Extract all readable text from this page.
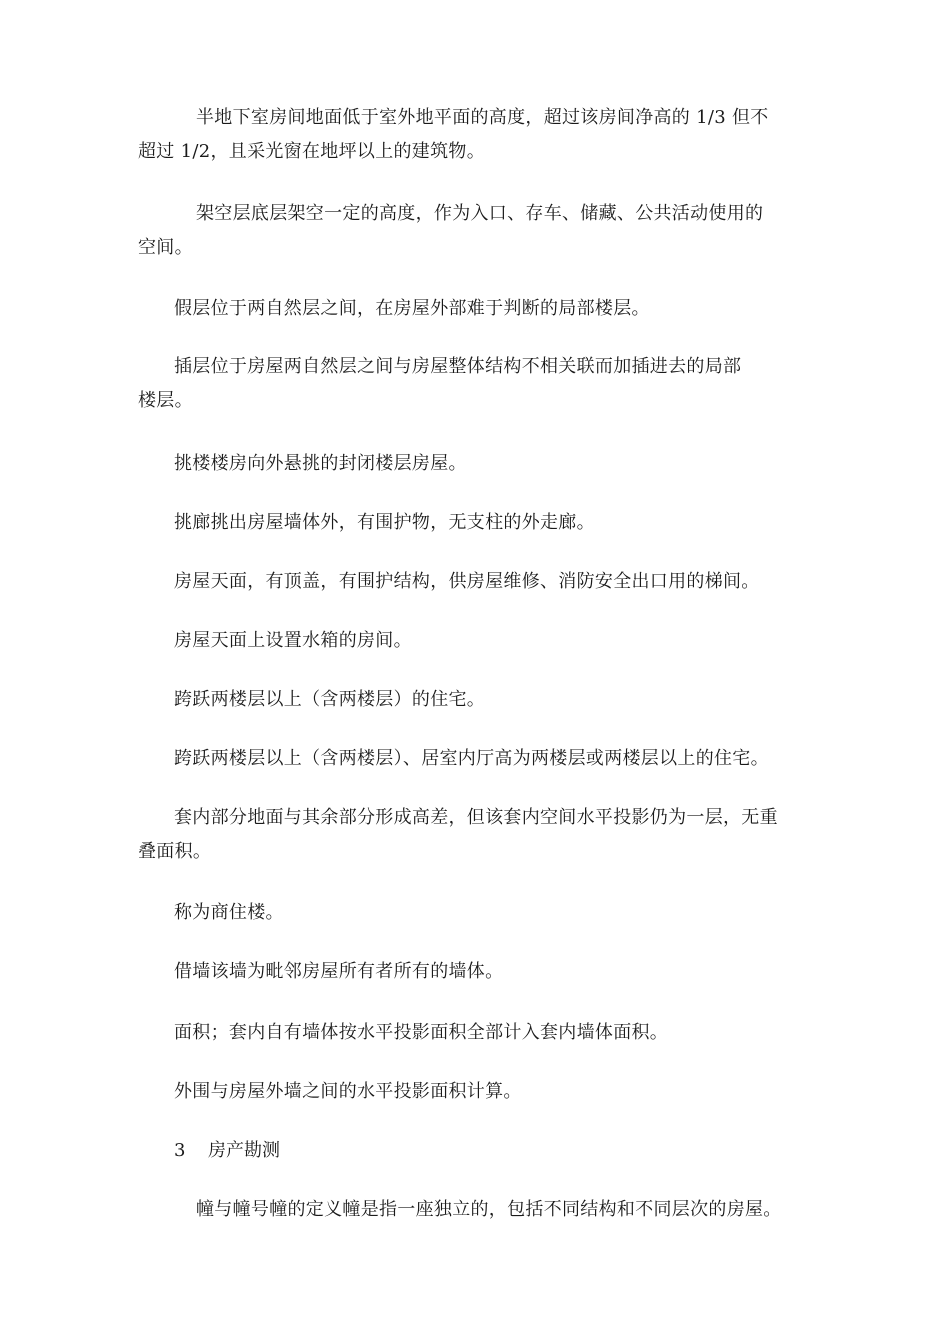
半地下室房间地面低于室外地平面的高度，超过该房间净高的 1/3 但不
超过 1/2，且采光窗在地坪以上的建筑物。

架空层底层架空一定的高度，作为入口、存车、储藏、公共活动使用的
空间。

假层位于两自然层之间，在房屋外部难于判断的局部楼层。

插层位于房屋两自然层之间与房屋整体结构不相关联而加插进去的局部
楼层。

挑楼楼房向外悬挑的封闭楼层房屋。

挑廊挑出房屋墙体外，有围护物，无支柱的外走廊。

房屋天面，有顶盖，有围护结构，供房屋维修、消防安全出口用的梯间。

房屋天面上设置水箱的房间。

跨跃两楼层以上（含两楼层）的住宅。

跨跃两楼层以上（含两楼层）、居室内厅高为两楼层或两楼层以上的住宅。

套内部分地面与其余部分形成高差，但该套内空间水平投影仍为一层，无重
叠面积。

称为商住楼。

借墙该墙为毗邻房屋所有者所有的墙体。

面积；套内自有墙体按水平投影面积全部计入套内墙体面积。

外围与房屋外墙之间的水平投影面积计算。

3 房产勘测

幢与幢号幢的定义幢是指一座独立的，包括不同结构和不同层次的房屋。
